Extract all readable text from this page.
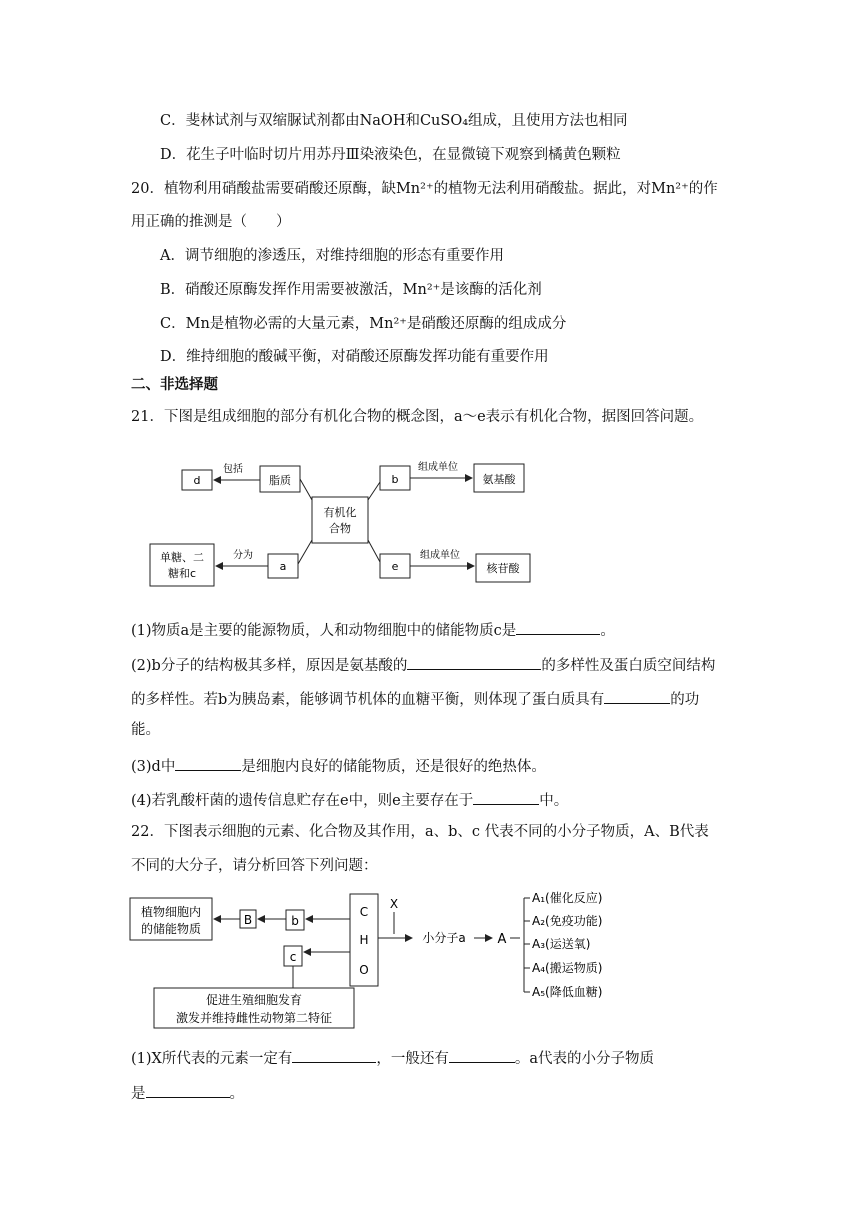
C．斐林试剂与双缩脲试剂都由NaOH和CuSO₄组成，且使用方法也相同
D．花生子叶临时切片用苏丹Ⅲ染液染色，在显微镜下观察到橘黄色颗粒
20．植物利用硝酸盐需要硝酸还原酶，缺Mn²⁺的植物无法利用硝酸盐。据此，对Mn²⁺的作
用正确的推测是（　　）
A．调节细胞的渗透压，对维持细胞的形态有重要作用
B．硝酸还原酶发挥作用需要被激活，Mn²⁺是该酶的活化剂
C．Mn是植物必需的大量元素，Mn²⁺是硝酸还原酶的组成成分
D．维持细胞的酸碱平衡，对硝酸还原酶发挥功能有重要作用
二、非选择题
21．下图是组成细胞的部分有机化合物的概念图，a～e表示有机化合物，据图回答问题。
d	脂质
包括
有机化
合物
b
组成单位
氨基酸
单糖、二
糖和c
分为
a	e
组成单位
核苷酸
(1)物质a是主要的能源物质，人和动物细胞中的储能物质c是	。
(2)b分子的结构极其多样，原因是氨基酸的	的多样性及蛋白质空间结构
的多样性。若b为胰岛素，能够调节机体的血糖平衡，则体现了蛋白质具有	的功
能。
(3)d中	是细胞内良好的储能物质，还是很好的绝热体。
(4)若乳酸杆菌的遗传信息贮存在e中，则e主要存在于	中。
22．下图表示细胞的元素、化合物及其作用，a、b、c 代表不同的小分子物质，A、B代表
不同的大分子，请分析回答下列问题：
植物细胞内
的储能物质
B	b
C
H
O
c
促进生殖细胞发育
激发并维持雌性动物第二特征
X
小分子a A
A₁(催化反应)
A₂(免疫功能)
A₃(运送氧)
A₄(搬运物质)
A₅(降低血糖)
(1)X所代表的元素一定有	，一般还有	。a代表的小分子物质
是	。
